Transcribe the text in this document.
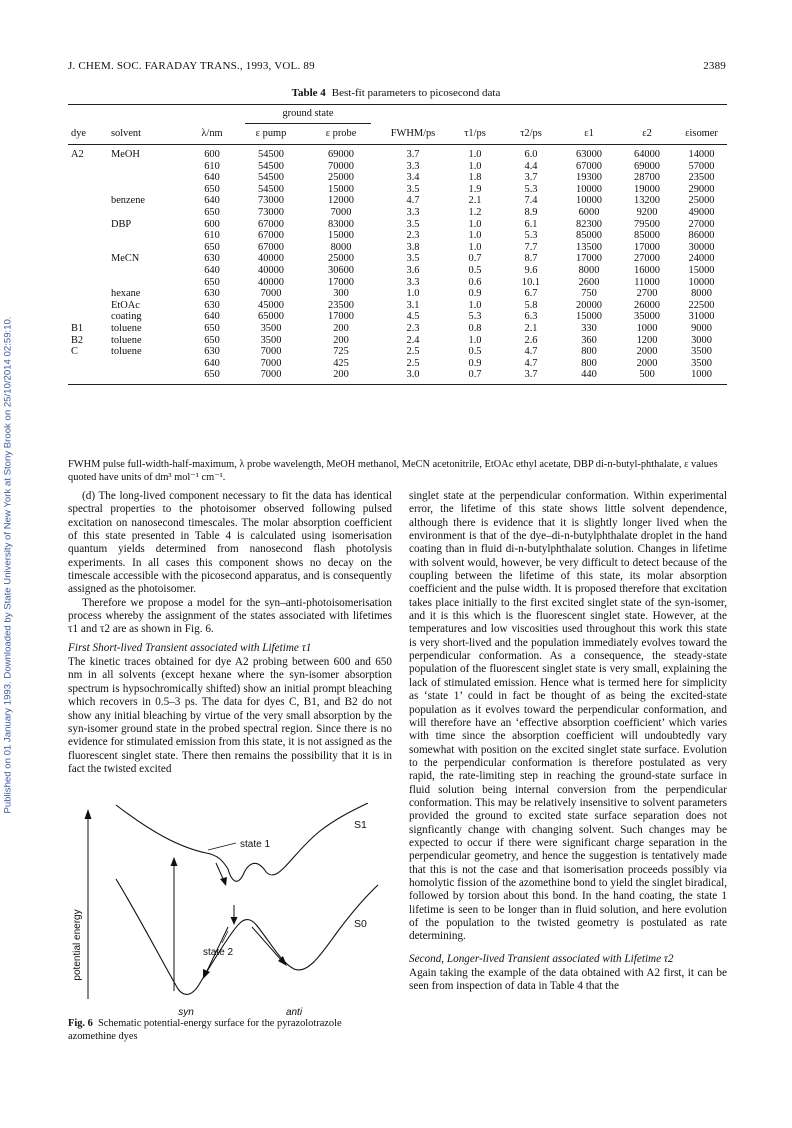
Published on 01 January 1993. Downloaded by State University of New York at Stony Brook on 25/10/2014 02:59:10.
J. CHEM. SOC. FARADAY TRANS., 1993, VOL. 89	2389
Table 4 Best-fit parameters to picosecond data

			ground state							

dye	solvent	λ/nm	ε pump	ε probe	FWHM/ps	τ1/ps	τ2/ps	ε1	ε2	εisomer
A2	MeOH	600	54500	69000	3.7	1.0	6.0	63000	64000	14000
		610	54500	70000	3.3	1.0	4.4	67000	69000	57000
		640	54500	25000	3.4	1.8	3.7	19300	28700	23500
		650	54500	15000	3.5	1.9	5.3	10000	19000	29000
	benzene	640	73000	12000	4.7	2.1	7.4	10000	13200	25000
		650	73000	7000	3.3	1.2	8.9	6000	9200	49000
	DBP	600	67000	83000	3.5	1.0	6.1	82300	79500	27000
		610	67000	15000	2.3	1.0	5.3	85000	85000	86000
		650	67000	8000	3.8	1.0	7.7	13500	17000	30000
	MeCN	630	40000	25000	3.5	0.7	8.7	17000	27000	24000
		640	40000	30600	3.6	0.5	9.6	8000	16000	15000
		650	40000	17000	3.3	0.6	10.1	2600	11000	10000
	hexane	630	7000	300	1.0	0.9	6.7	750	2700	8000
	EtOAc	630	45000	23500	3.1	1.0	5.8	20000	26000	22500
	coating	640	65000	17000	4.5	5.3	6.3	15000	35000	31000
B1	toluene	650	3500	200	2.3	0.8	2.1	330	1000	9000
B2	toluene	650	3500	200	2.4	1.0	2.6	360	1200	3000
C	toluene	630	7000	725	2.5	0.5	4.7	800	2000	3500
		640	7000	425	2.5	0.9	4.7	800	2000	3500
		650	7000	200	3.0	0.7	3.7	440	500	1000
FWHM pulse full-width-half-maximum, λ probe wavelength, MeOH methanol, MeCN acetonitrile, EtOAc ethyl acetate, DBP di-n-butyl-phthalate, ε values quoted have units of dm³ mol⁻¹ cm⁻¹.

(d) The long-lived component necessary to fit the data has identical spectral properties to the photoisomer observed following pulsed excitation on nanosecond timescales. The molar absorption coefficient of this state presented in Table 4 is calculated using isomerisation quantum yields determined from nanosecond flash photolysis experiments. In all cases this component shows no decay on the timescale accessible with the picosecond apparatus, and is consequently assigned as the photoisomer.

Therefore we propose a model for the syn–anti-photoisomerisation process whereby the assignment of the states associated with lifetimes τ1 and τ2 are as shown in Fig. 6.

First Short-lived Transient associated with Lifetime τ1

The kinetic traces obtained for dye A2 probing between 600 and 650 nm in all solvents (except hexane where the syn-isomer absorption spectrum is hypsochromically shifted) show an initial prompt bleaching which recovers in 0.5–3 ps. The data for dyes C, B1, and B2 do not show any initial bleaching by virtue of the very small absorption by the syn-isomer ground state in the probed spectral region. Since there is no evidence for stimulated emission from this state, it is not assigned as the fluorescent singlet state. There then remains the possibility that it is in fact the twisted excited

potential energy
state 1
state 2
S1
S0
syn	anti
Fig. 6 Schematic potential-energy surface for the pyrazolotrazole azomethine dyes

singlet state at the perpendicular conformation. Within experimental error, the lifetime of this state shows little solvent dependence, although there is evidence that it is slightly longer lived when the environment is that of the dye–di-n-butylphthalate droplet in the hand coating than in fluid di-n-butylphthalate solution. Changes in lifetime with solvent would, however, be very difficult to detect because of the coupling between the lifetime of this state, its molar absorption coefficient and the pulse width. It is proposed therefore that excitation takes place initially to the first excited singlet state of the syn-isomer, and it is this which is the fluorescent singlet state. However, at the temperatures and low viscosities used throughout this work this state is very short-lived and the population immediately evolves toward the perpendicular conformation. As a consequence, the steady-state population of the fluorescent singlet state is very small, explaining the lack of stimulated emission. Hence what is termed here for simplicity as ‘state 1’ could in fact be thought of as being the excited-state population as it evolves toward the perpendicular conformation, and will therefore have an ‘effective absorption coefficient’ which varies with time since the absorption coefficient will undoubtedly vary somewhat with position on the excited singlet state surface. Evolution to the perpendicular conformation is therefore postulated as very rapid, the rate-limiting step in reaching the ground-state surface in fluid solution being internal conversion from the perpendicular conformation. This may be relatively insensitive to solvent parameters provided the ground to excited state surface separation does not signficantly change with changing solvent. Such changes may be expected to occur if there were significant charge separation in the perpendicular geometry, and hence the suggestion is tentatively made that this is not the case and that isomerisation proceeds possibly via homolytic fission of the azomethine bond to yield the singlet biradical, followed by torsion about this bond. In the hand coating, the state 1 lifetime is seen to be longer than in fluid solution, and here evolution of the population to the twisted geometry is postulated as rate determining.

Second, Longer-lived Transient associated with Lifetime τ2

Again taking the example of the data obtained with A2 first, it can be seen from inspection of data in Table 4 that the
